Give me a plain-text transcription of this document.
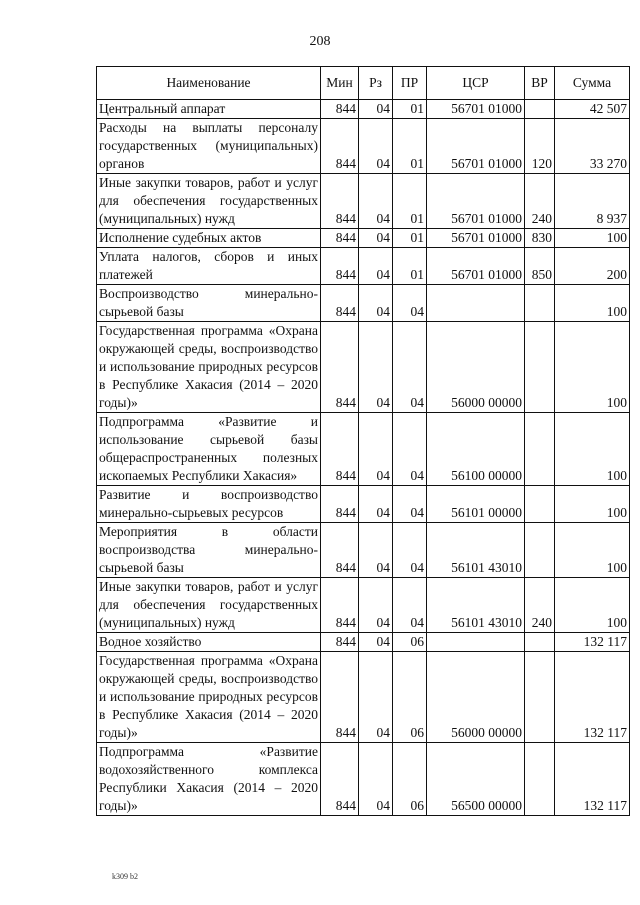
208
Наименование	Мин	Рз	ПР	ЦСР	ВР	Сумма
Центральный аппарат	844	04	01	56701 01000		42 507
Расходы на выплаты персоналу государственных (муниципальных) органов	844	04	01	56701 01000	120	33 270
Иные закупки товаров, работ и услуг для обеспечения государственных (муниципальных) нужд	844	04	01	56701 01000	240	8 937
Исполнение судебных актов	844	04	01	56701 01000	830	100
Уплата налогов, сборов и иных платежей	844	04	01	56701 01000	850	200
Воспроизводство минерально-сырьевой базы	844	04	04			100
Государственная программа «Охрана окружающей среды, воспроизводство и использование природных ресурсов в Республике Хакасия (2014 – 2020 годы)»	844	04	04	56000 00000		100
Подпрограмма «Развитие и использование сырьевой базы общераспространенных полезных ископаемых Республики Хакасия»	844	04	04	56100 00000		100
Развитие и воспроизводство минерально-сырьевых ресурсов	844	04	04	56101 00000		100
Мероприятия в области воспроизводства минерально-сырьевой базы	844	04	04	56101 43010		100
Иные закупки товаров, работ и услуг для обеспечения государственных (муниципальных) нужд	844	04	04	56101 43010	240	100
Водное хозяйство	844	04	06			132 117
Государственная программа «Охрана окружающей среды, воспроизводство и использование природных ресурсов в Республике Хакасия (2014 – 2020 годы)»	844	04	06	56000 00000		132 117
Подпрограмма «Развитие водохозяйственного комплекса Республики Хакасия (2014 – 2020 годы)»	844	04	06	56500 00000		132 117
k309 b2
